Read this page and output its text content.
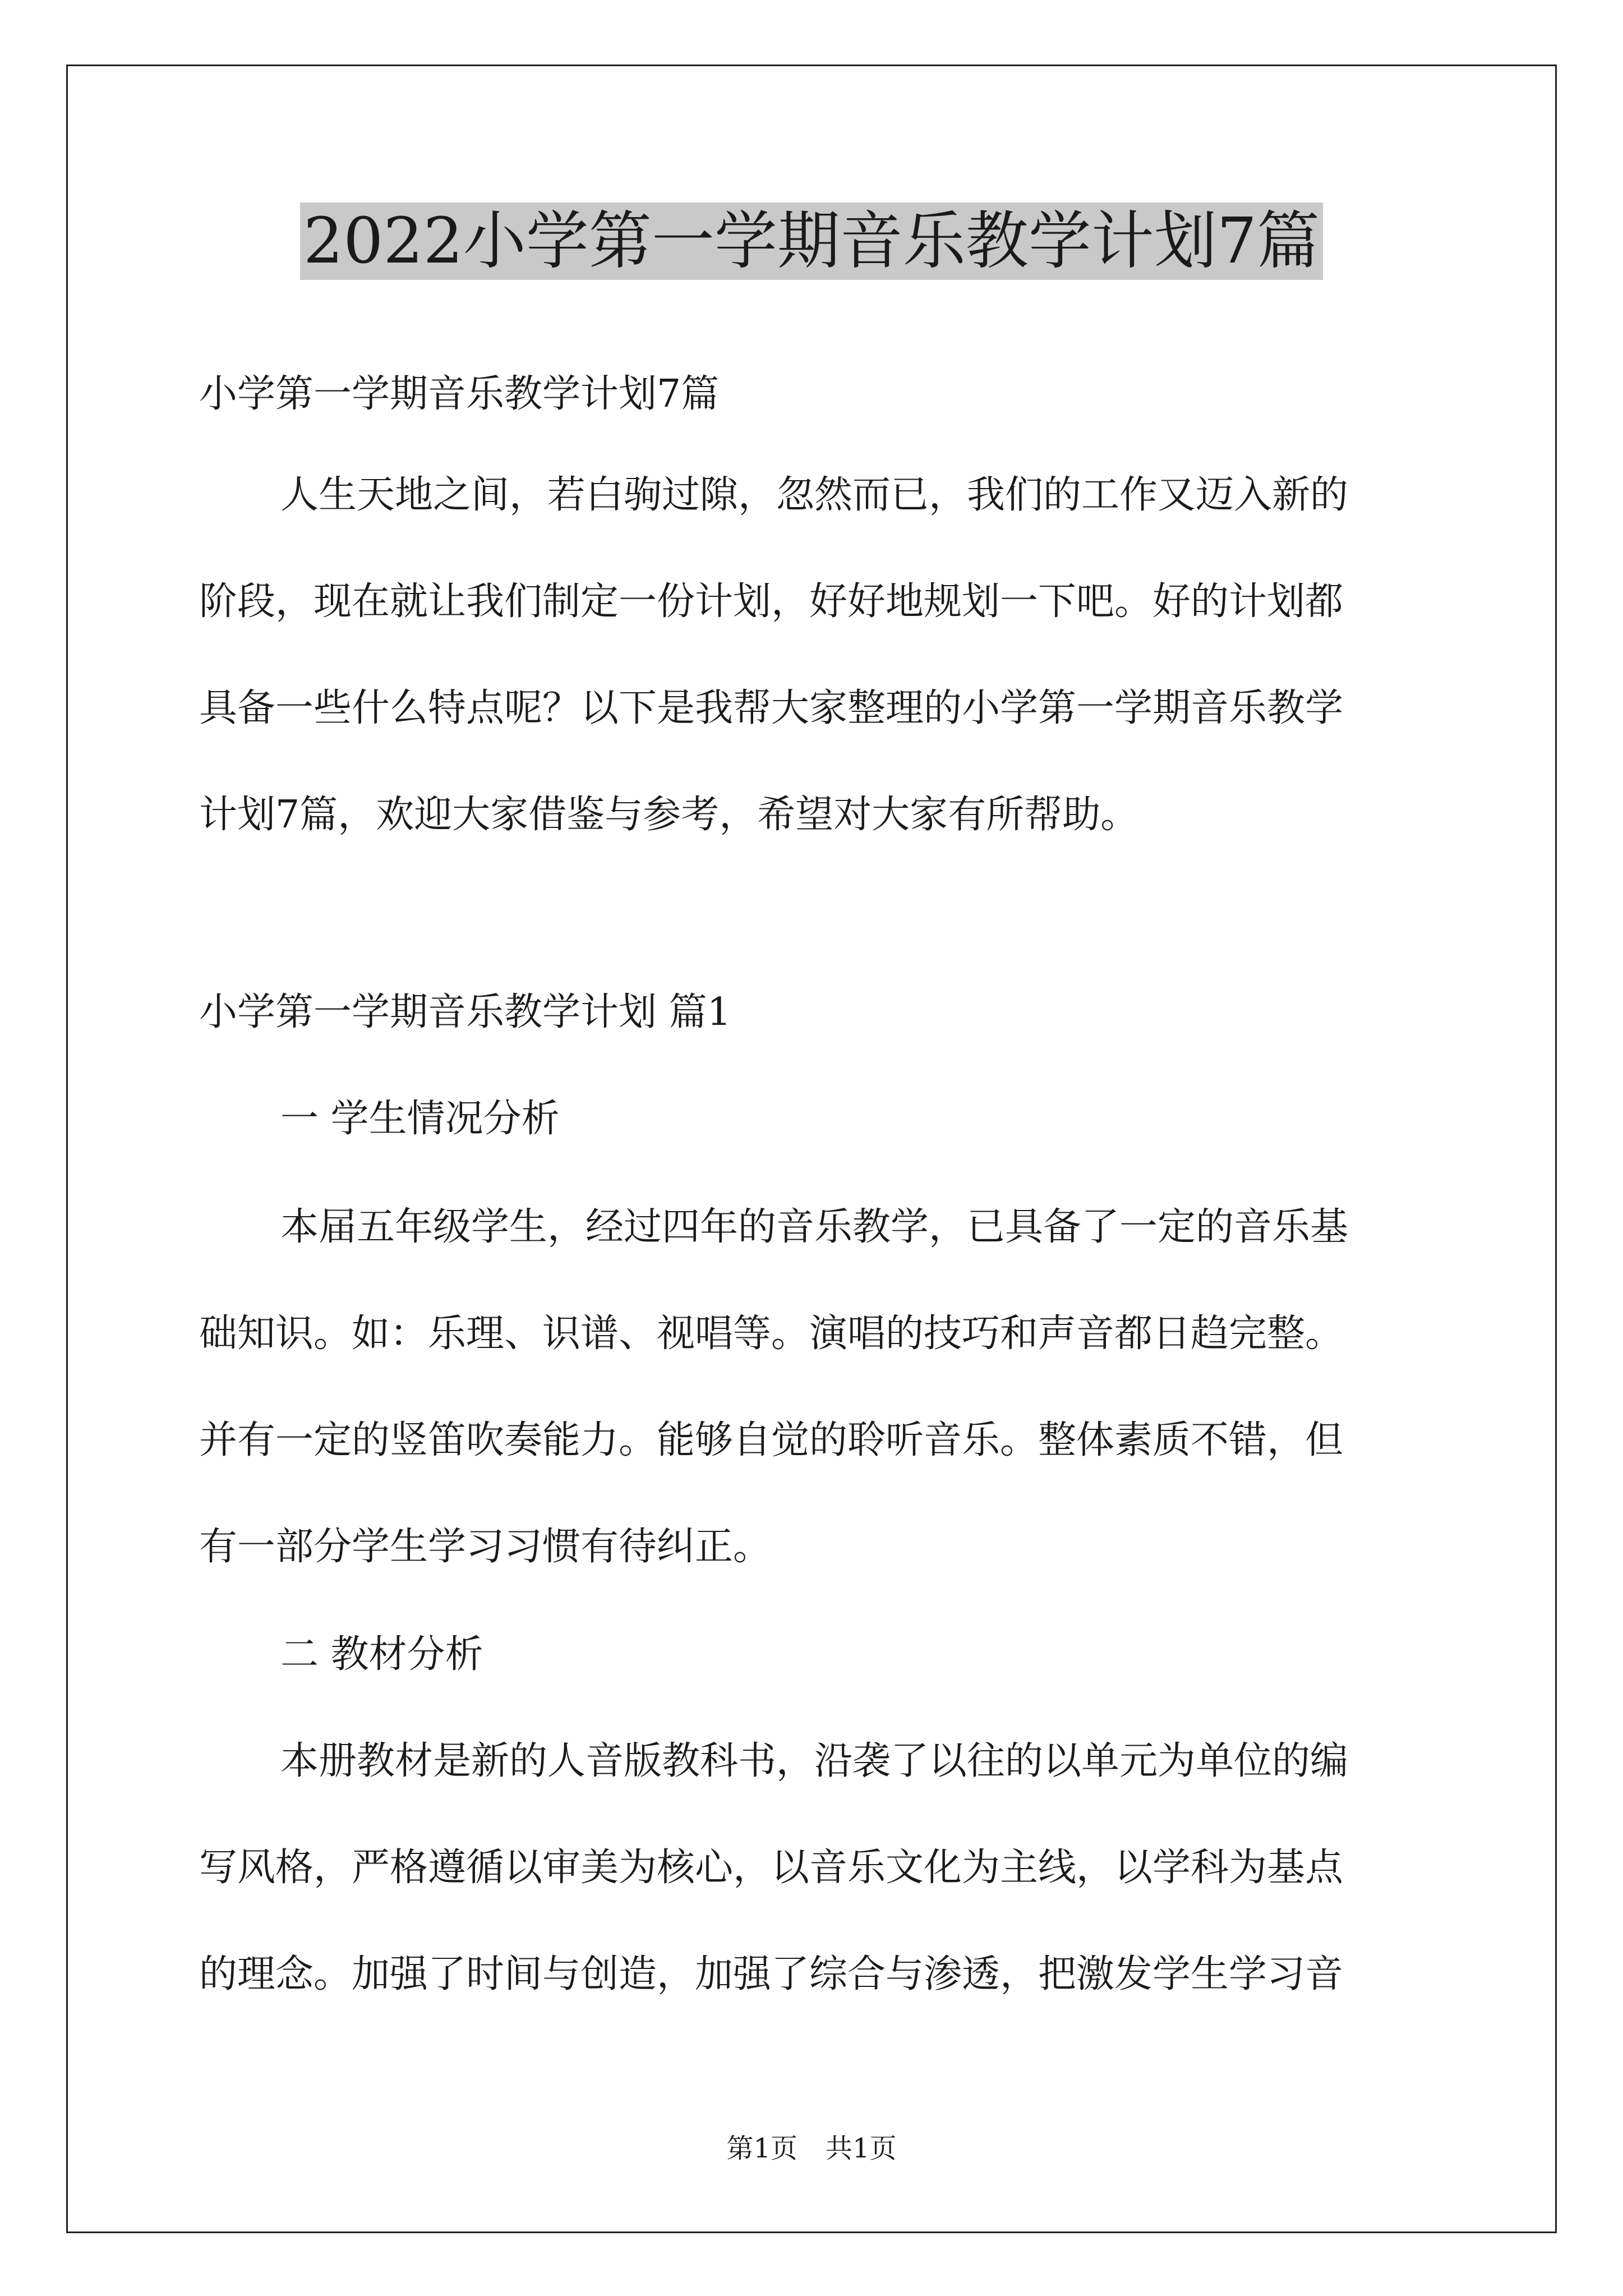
2022小学第一学期音乐教学计划7篇

小学第一学期音乐教学计划7篇

人生天地之间，若白驹过隙，忽然而已，我们的工作又迈入新的
阶段，现在就让我们制定一份计划，好好地规划一下吧。好的计划都
具备一些什么特点呢？以下是我帮大家整理的小学第一学期音乐教学
计划7篇，欢迎大家借鉴与参考，希望对大家有所帮助。

小学第一学期音乐教学计划 篇1

一 学生情况分析

本届五年级学生，经过四年的音乐教学，已具备了一定的音乐基
础知识。如：乐理、识谱、视唱等。演唱的技巧和声音都日趋完整。
并有一定的竖笛吹奏能力。能够自觉的聆听音乐。整体素质不错，但
有一部分学生学习习惯有待纠正。

二 教材分析

本册教材是新的人音版教科书，沿袭了以往的以单元为单位的编
写风格，严格遵循以审美为核心，以音乐文化为主线，以学科为基点
的理念。加强了时间与创造，加强了综合与渗透，把激发学生学习音
第1页 共1页
